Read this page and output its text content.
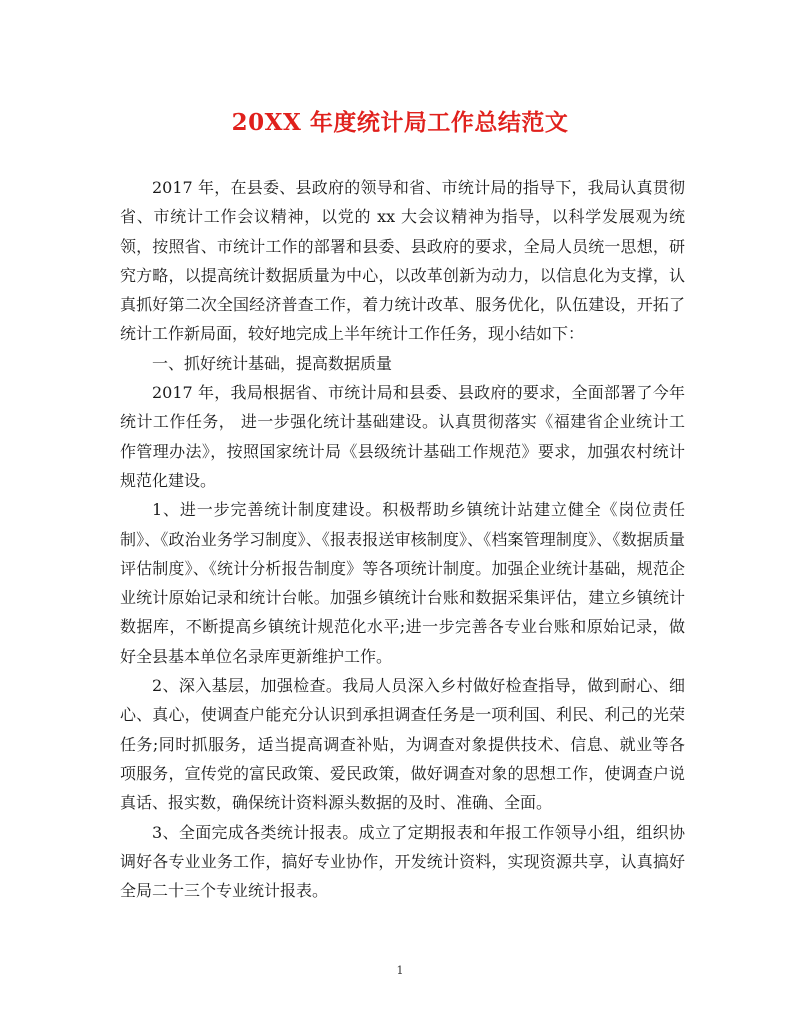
20XX 年度统计局工作总结范文

2017 年，在县委、县政府的领导和省、市统计局的指导下，我局认真贯彻省、市统计工作会议精神，以党的 xx 大会议精神为指导，以科学发展观为统领，按照省、市统计工作的部署和县委、县政府的要求，全局人员统一思想，研究方略，以提高统计数据质量为中心，以改革创新为动力，以信息化为支撑，认真抓好第二次全国经济普查工作，着力统计改革、服务优化，队伍建设，开拓了统计工作新局面，较好地完成上半年统计工作任务，现小结如下：

一、抓好统计基础，提高数据质量

2017 年，我局根据省、市统计局和县委、县政府的要求，全面部署了今年统计工作任务， 进一步强化统计基础建设。认真贯彻落实《福建省企业统计工作管理办法》，按照国家统计局《县级统计基础工作规范》要求，加强农村统计规范化建设。

1、进一步完善统计制度建设。积极帮助乡镇统计站建立健全《岗位责任制》、《政治业务学习制度》、《报表报送审核制度》、《档案管理制度》、《数据质量评估制度》、《统计分析报告制度》等各项统计制度。加强企业统计基础，规范企业统计原始记录和统计台帐。加强乡镇统计台账和数据采集评估，建立乡镇统计数据库，不断提高乡镇统计规范化水平;进一步完善各专业台账和原始记录，做好全县基本单位名录库更新维护工作。

2、深入基层，加强检查。我局人员深入乡村做好检查指导，做到耐心、细心、真心，使调查户能充分认识到承担调查任务是一项利国、利民、利己的光荣任务;同时抓服务，适当提高调查补贴，为调查对象提供技术、信息、就业等各项服务，宣传党的富民政策、爱民政策，做好调查对象的思想工作，使调查户说真话、报实数，确保统计资料源头数据的及时、准确、全面。

3、全面完成各类统计报表。成立了定期报表和年报工作领导小组，组织协调好各专业业务工作，搞好专业协作，开发统计资料，实现资源共享，认真搞好全局二十三个专业统计报表。

1
